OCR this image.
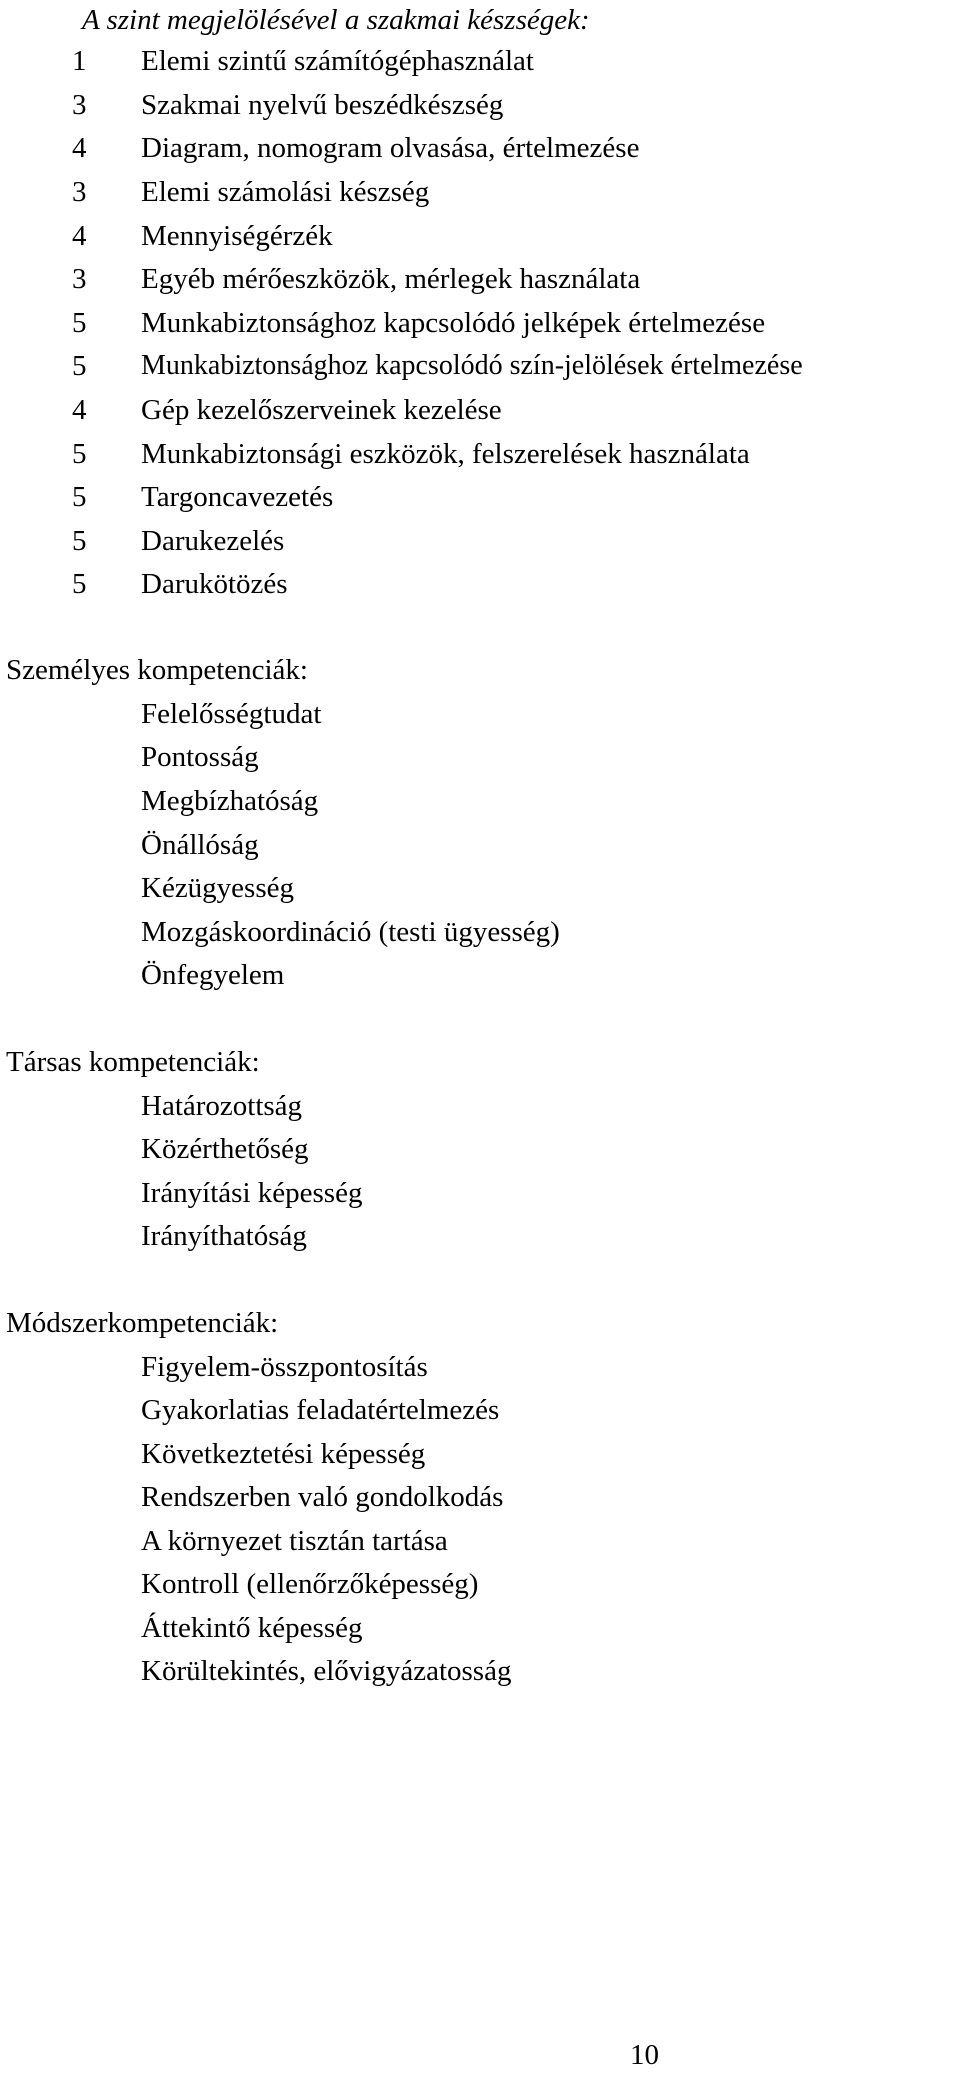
A szint megjelölésével a szakmai készségek:
1	Elemi szintű számítógéphasználat
3	Szakmai nyelvű beszédkészség
4	Diagram, nomogram olvasása, értelmezése
3	Elemi számolási készség
4	Mennyiségérzék
3	Egyéb mérőeszközök, mérlegek használata
5	Munkabiztonsághoz kapcsolódó jelképek értelmezése
5	Munkabiztonsághoz kapcsolódó szín-jelölések értelmezése
4	Gép kezelőszerveinek kezelése
5	Munkabiztonsági eszközök, felszerelések használata
5	Targoncavezetés
5	Darukezelés
5	Darukötözés
Személyes kompetenciák:
Felelősségtudat
Pontosság
Megbízhatóság
Önállóság
Kézügyesség
Mozgáskoordináció (testi ügyesség)
Önfegyelem
Társas kompetenciák:
Határozottság
Közérthetőség
Irányítási képesség
Irányíthatóság
Módszerkompetenciák:
Figyelem-összpontosítás
Gyakorlatias feladatértelmezés
Következtetési képesség
Rendszerben való gondolkodás
A környezet tisztán tartása
Kontroll (ellenőrzőképesség)
Áttekintő képesség
Körültekintés, elővigyázatosság
10
